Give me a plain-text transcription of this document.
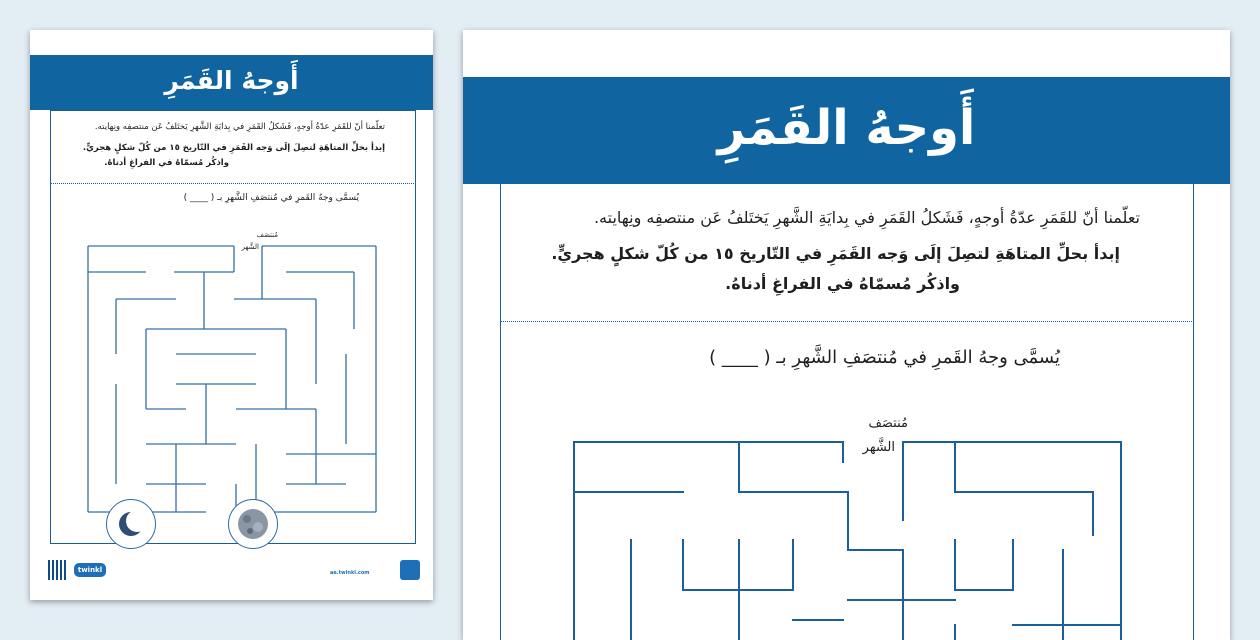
أَوجهُ القَمَرِ
تعلّمنا أنّ للقَمَرِ عدّةُ أوجهٍ، فَشَكلُ القَمَرِ في بِدايَةِ الشَّهرِ يَختَلفُ عَن منتصفِه ونِهايته.
إبدأ بحلِّ المتاهَةِ لتصِلَ إلَى وَجه القَمَرِ في التّاريخ ١٥ من كُلّ شكلٍ هجريٍّ.
واذكُر مُسمّاهُ في الفراغِ أدناهُ.
يُسمَّى وجهُ القَمرِ في مُنتصَفِ الشَّهرِ بـ ( ____ )
مُنتصَف
الشَّهر
twinkl	ae.twinkl.com
أَوجهُ القَمَرِ
تعلّمنا أنّ للقَمَرِ عدّةُ أوجهٍ، فَشَكلُ القَمَرِ في بِدايَةِ الشَّهرِ يَختَلفُ عَن منتصفِه ونِهايته.
إبدأ بحلِّ المتاهَةِ لتصِلَ إلَى وَجه القَمَرِ في التّاريخ ١٥ من كُلّ شكلٍ هجريٍّ.
واذكُر مُسمّاهُ في الفراغِ أدناهُ.
يُسمَّى وجهُ القَمرِ في مُنتصَفِ الشَّهرِ بـ ( ____ )
مُنتصَف
الشَّهر
